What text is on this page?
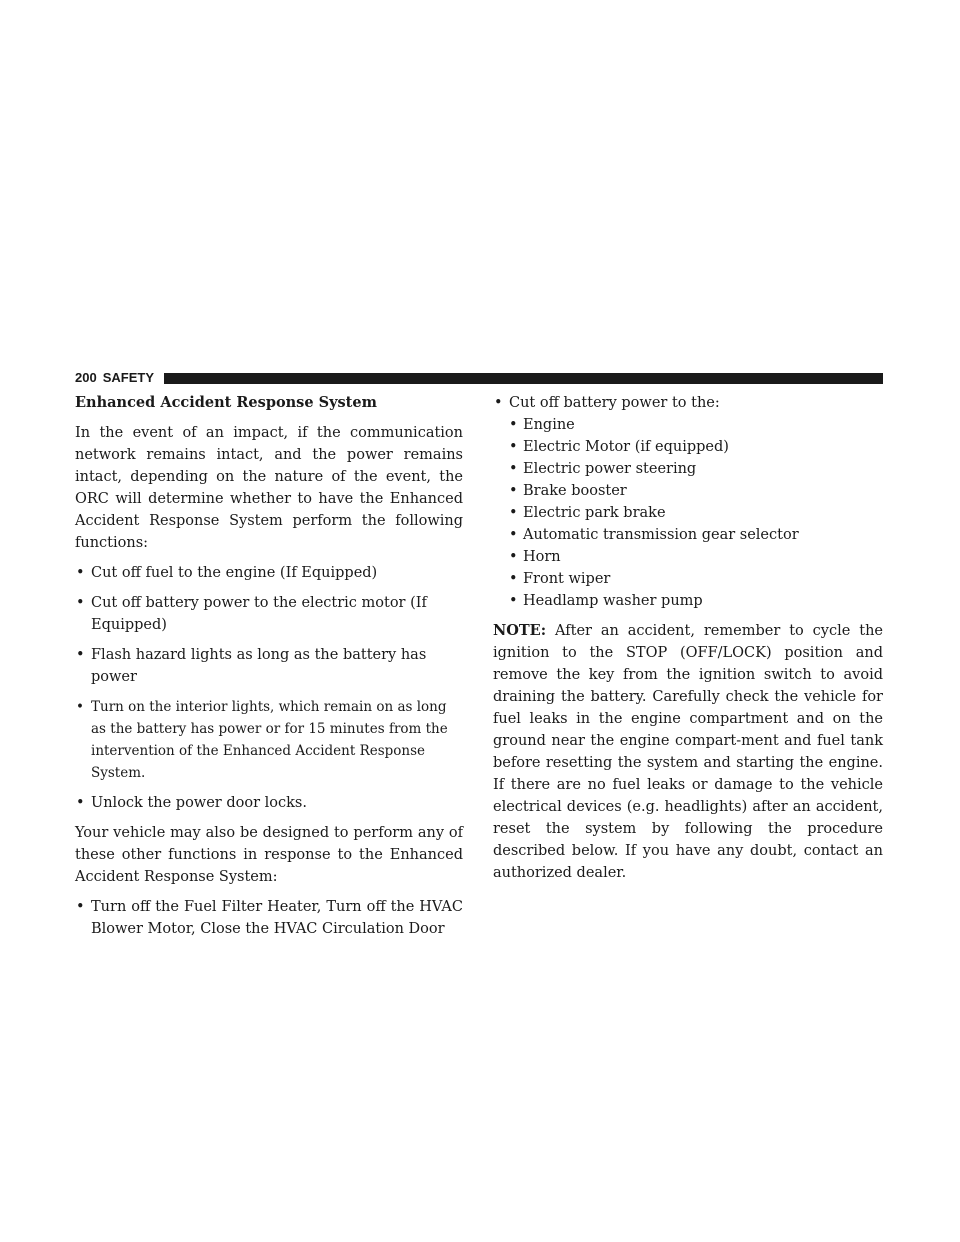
200 SAFETY

Enhanced Accident Response System

In the event of an impact, if the communication network remains intact, and the power remains intact, depending on the nature of the event, the ORC will determine whether to have the Enhanced Accident Response System perform the following functions:

• Cut off fuel to the engine (If Equipped)
• Cut off battery power to the electric motor (If Equipped)
• Flash hazard lights as long as the battery has power
• Turn on the interior lights, which remain on as long as the battery has power or for 15 minutes from the intervention of the Enhanced Accident Response System.
• Unlock the power door locks.

Your vehicle may also be designed to perform any of these other functions in response to the Enhanced Accident Response System:

• Turn off the Fuel Filter Heater, Turn off the HVAC Blower Motor, Close the HVAC Circulation Door
• Cut off battery power to the:
• Engine
• Electric Motor (if equipped)
• Electric power steering
• Brake booster
• Electric park brake
• Automatic transmission gear selector
• Horn
• Front wiper
• Headlamp washer pump

NOTE: After an accident, remember to cycle the ignition to the STOP (OFF/LOCK) position and remove the key from the ignition switch to avoid draining the battery. Carefully check the vehicle for fuel leaks in the engine compartment and on the ground near the engine compart-ment and fuel tank before resetting the system and starting the engine. If there are no fuel leaks or damage to the vehicle electrical devices (e.g. headlights) after an accident, reset the system by following the procedure described below. If you have any doubt, contact an authorized dealer.
